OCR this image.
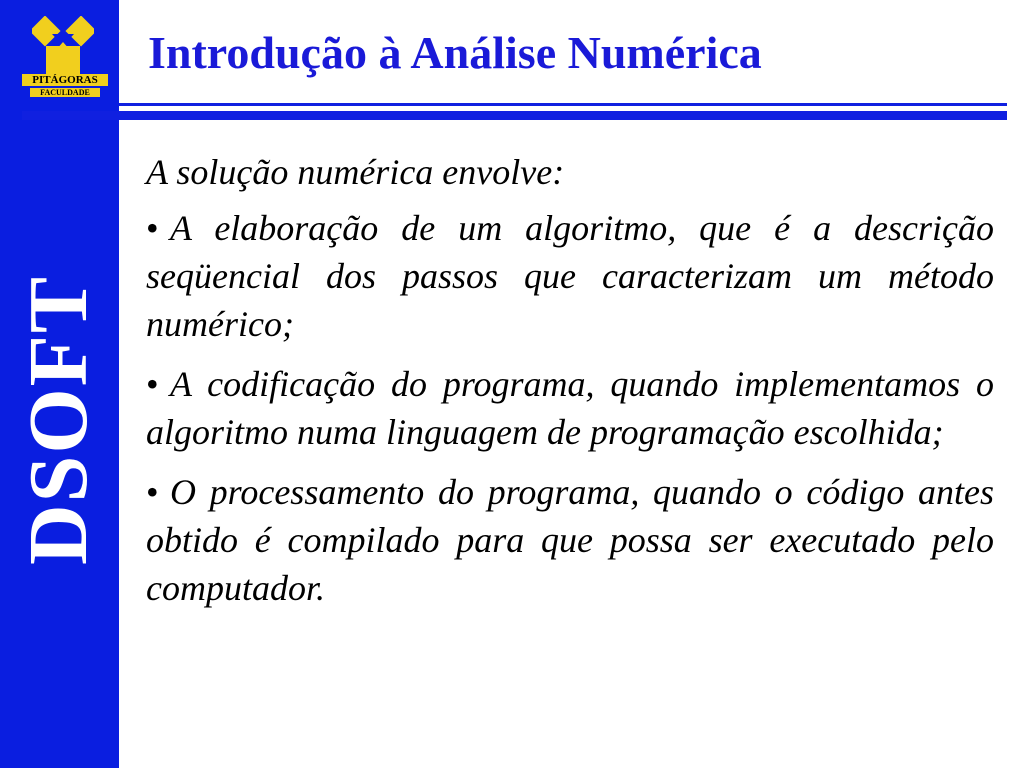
DSOFT
PITÁGORAS
FACULDADE
Introdução à Análise Numérica

A solução numérica envolve:

• A elaboração de um algoritmo, que é a descrição seqüencial dos passos que caracterizam um método numérico;

• A codificação do programa, quando implementamos o algoritmo numa linguagem de programação escolhida;

• O processamento do programa, quando o código antes obtido é compilado para que possa ser executado pelo computador.
